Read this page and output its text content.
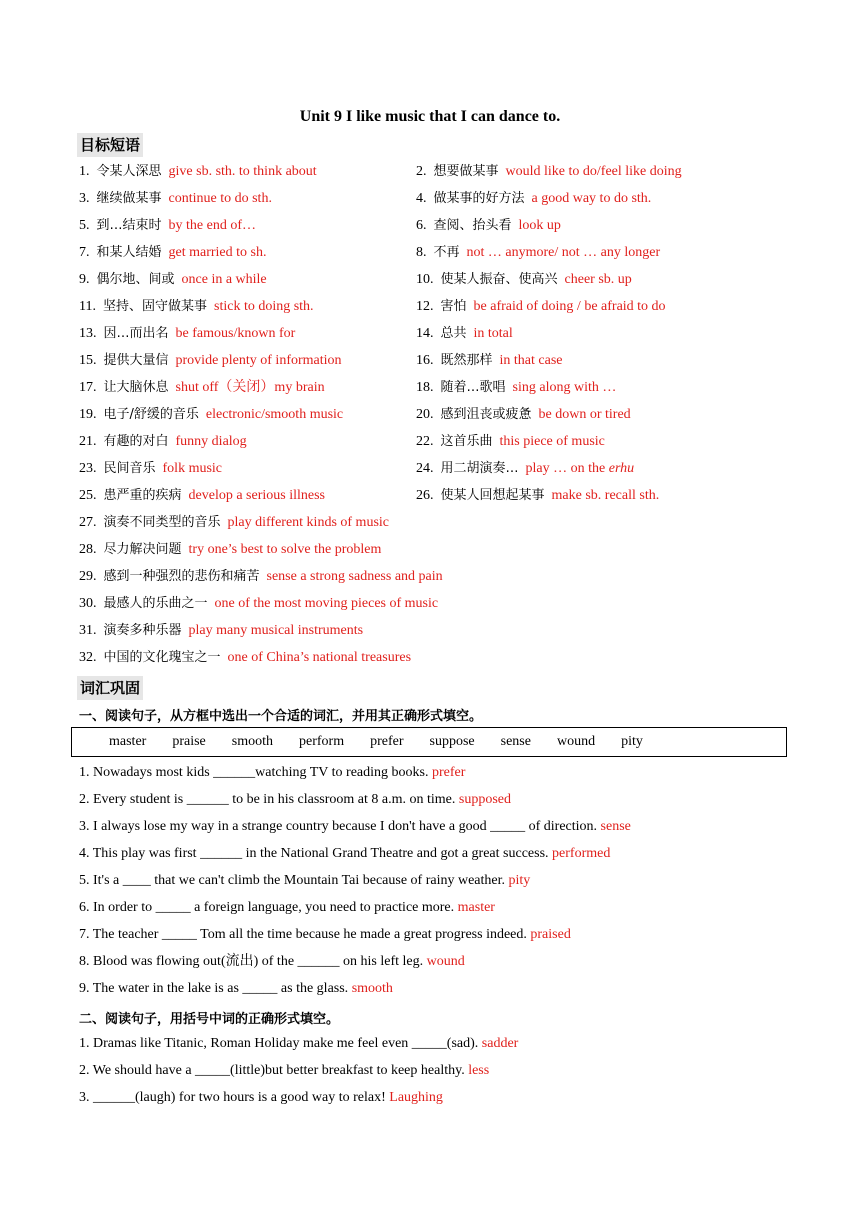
Unit 9 I like music that I can dance to.
目标短语
1. 令某人深思 give sb. sth. to think about	2. 想要做某事 would like to do/feel like doing
3. 继续做某事 continue to do sth.	4. 做某事的好方法 a good way to do sth.
5. 到…结束时 by the end of…	6. 查阅、抬头看 look up
7. 和某人结婚 get married to sh.	8. 不再 not … anymore/ not … any longer
9. 偶尔地、间或 once in a while	10. 使某人振奋、使高兴 cheer sb. up
11. 坚持、固守做某事 stick to doing sth.	12. 害怕 be afraid of doing / be afraid to do
13. 因…而出名 be famous/known for	14. 总共 in total
15. 提供大量信 provide plenty of information	16. 既然那样 in that case
17. 让大脑休息 shut off（关闭）my brain	18. 随着…歌唱 sing along with …
19. 电子/舒缓的音乐 electronic/smooth music	20. 感到沮丧或疲惫 be down or tired
21. 有趣的对白 funny dialog	22. 这首乐曲 this piece of music
23. 民间音乐 folk music	24. 用二胡演奏… play … on the erhu
25. 患严重的疾病 develop a serious illness	26. 使某人回想起某事 make sb. recall sth.
27. 演奏不同类型的音乐 play different kinds of music
28. 尽力解决问题 try one’s best to solve the problem
29. 感到一种强烈的悲伤和痛苦 sense a strong sadness and pain
30. 最感人的乐曲之一 one of the most moving pieces of music
31. 演奏多种乐器 play many musical instruments
32. 中国的文化瑰宝之一 one of China’s national treasures
词汇巩固
一、阅读句子，从方框中选出一个合适的词汇，并用其正确形式填空。
master praise smooth perform prefer suppose sense wound pity
1. Nowadays most kids ______watching TV to reading books. prefer
2. Every student is ______ to be in his classroom at 8 a.m. on time. supposed
3. I always lose my way in a strange country because I don't have a good _____ of direction. sense
4. This play was first ______ in the National Grand Theatre and got a great success. performed
5. It's a ____ that we can't climb the Mountain Tai because of rainy weather. pity
6. In order to _____ a foreign language, you need to practice more. master
7. The teacher _____ Tom all the time because he made a great progress indeed. praised
8. Blood was flowing out(流出) of the ______ on his left leg. wound
9. The water in the lake is as _____ as the glass. smooth
二、阅读句子，用括号中词的正确形式填空。
1. Dramas like Titanic, Roman Holiday make me feel even _____(sad). sadder
2. We should have a _____(little)but better breakfast to keep healthy. less
3. ______(laugh) for two hours is a good way to relax! Laughing
